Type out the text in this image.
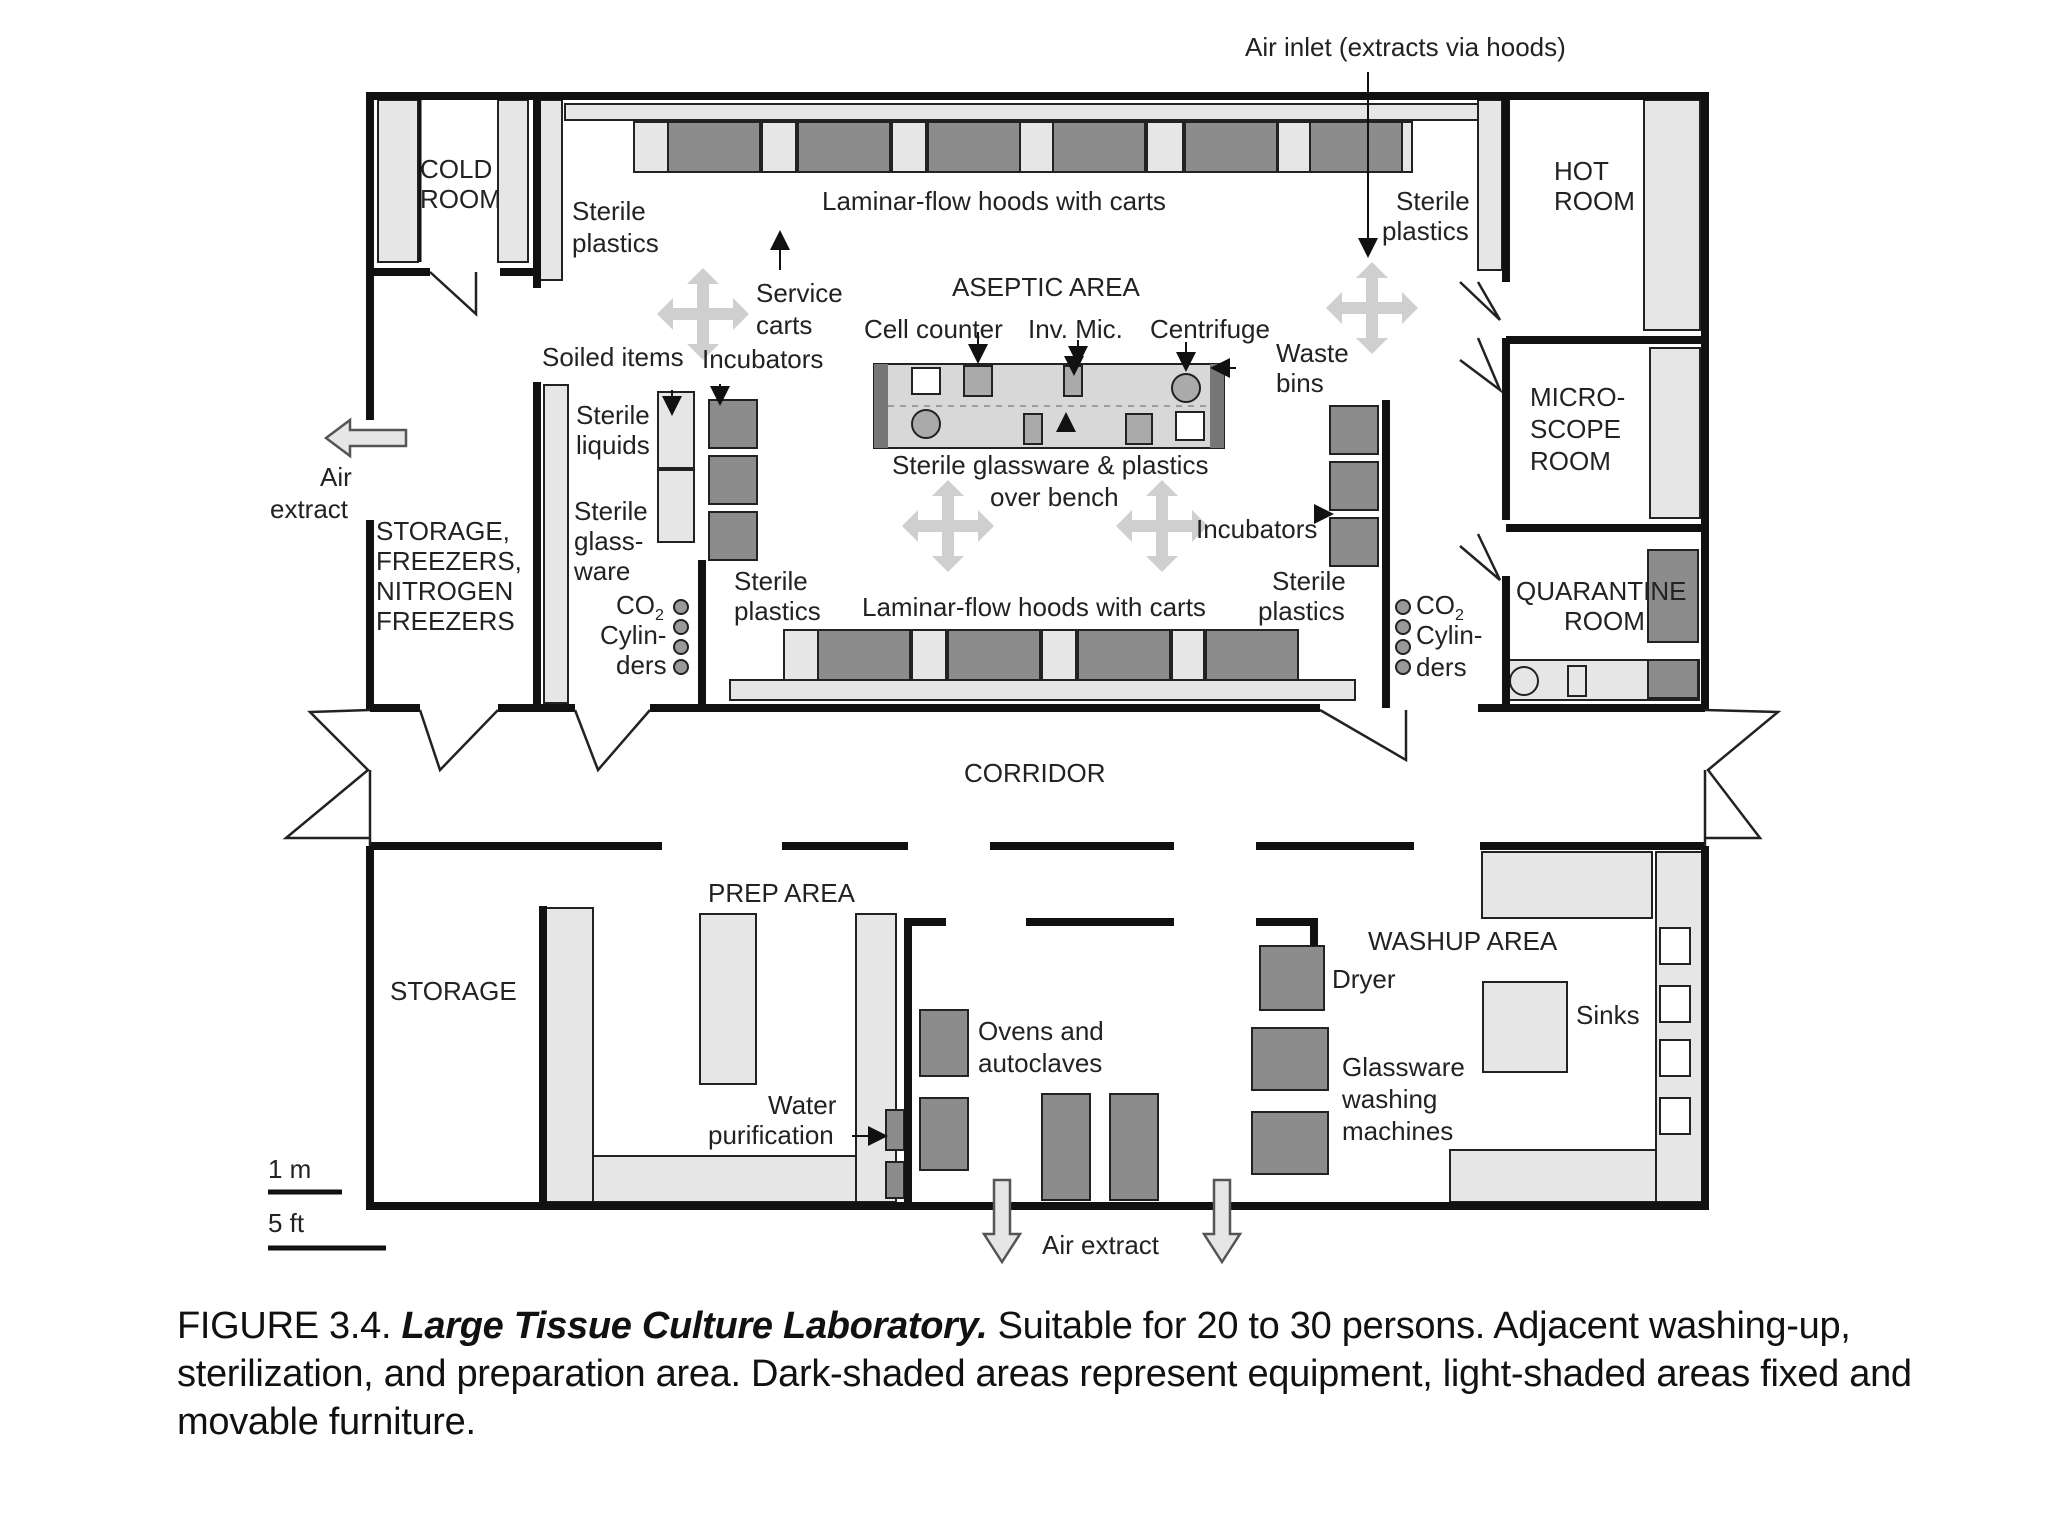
Air inlet (extracts via hoods)
COLD
ROOM
HOT
ROOM
Sterile
plastics
Sterile
plastics
Laminar-flow hoods with carts
Service
carts
ASEPTIC AREA
Cell counter Inv. Mic. Centrifuge
Waste
bins
Soiled items Incubators
Sterile
liquids
Sterile
glass-
ware
Sterile glassware & plastics
over bench
MICRO-
SCOPE
ROOM
Air
extract
STORAGE,
FREEZERS,
NITROGEN
FREEZERS
Incubators
$CO_2$
Cylin-
ders
$CO_2$
Cylin-
ders
Sterile
plastics
Sterile
plastics
Laminar-flow hoods with carts
QUARANTINE
ROOM
CORRIDOR
PREP AREA
STORAGE
Water
purification
Ovens and
autoclaves
WASHUP AREA
Dryer
Glassware
washing
machines
Sinks
Air extract
1 m
5 ft
FIGURE 3.4. Large Tissue Culture Laboratory. Suitable for 20 to 30 persons. Adjacent washing-up, sterilization, and preparation area. Dark-shaded areas represent equipment, light-shaded areas fixed and movable furniture.
